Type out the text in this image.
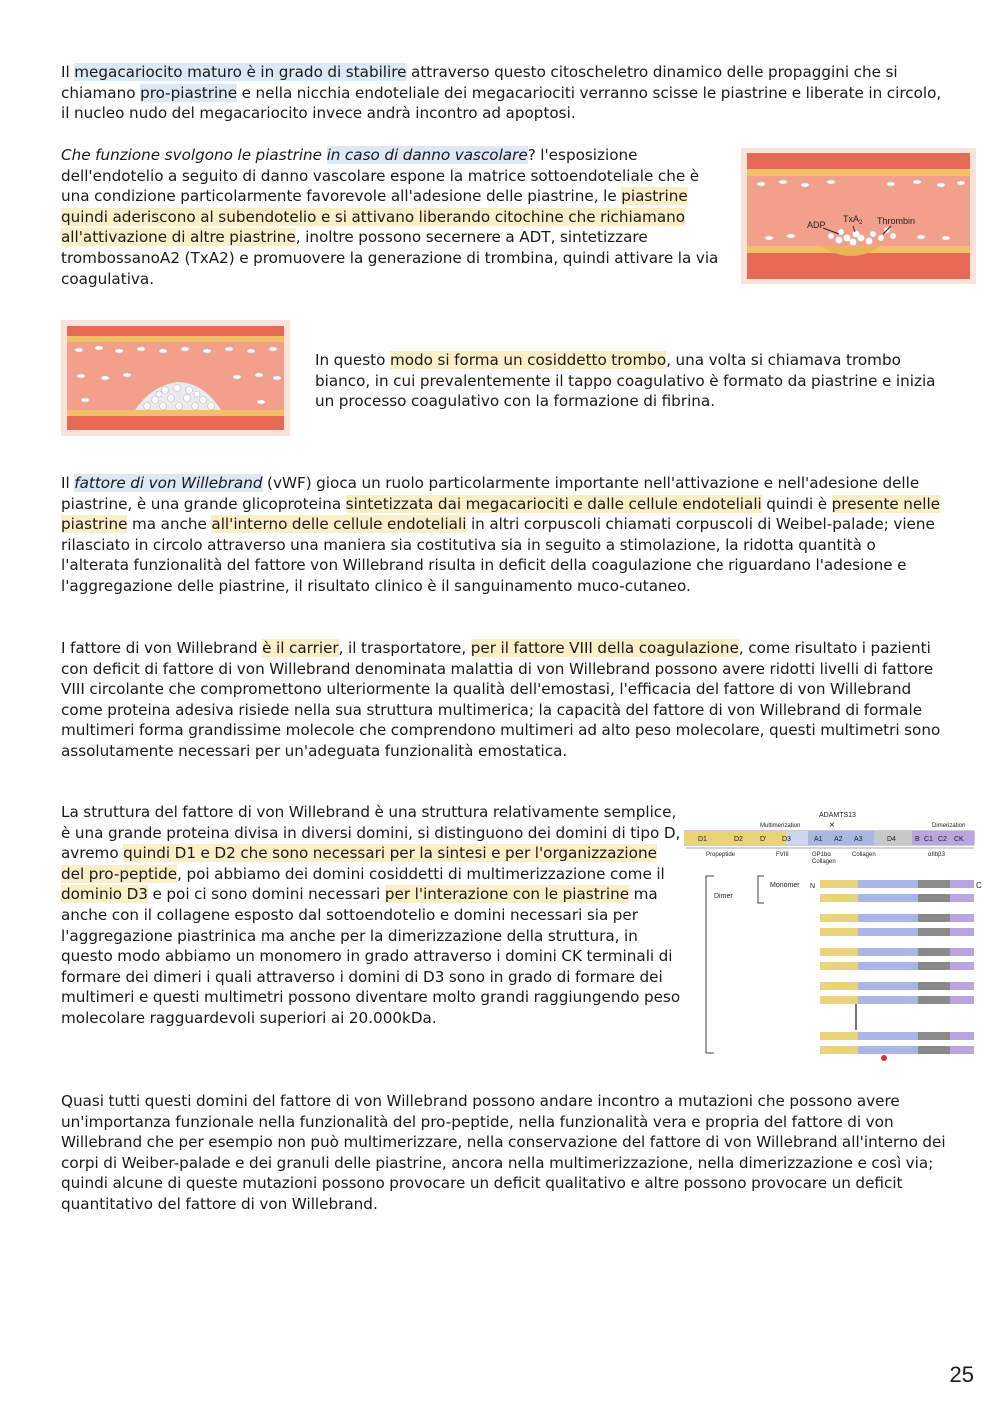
Il megacariocito maturo è in grado di stabilire attraverso questo citoscheletro dinamico delle propaggini che si chiamano pro-piastrine e nella nicchia endoteliale dei megacariociti verranno scisse le piastrine e liberate in circolo, il nucleo nudo del megacariocito invece andrà incontro ad apoptosi.
Che funzione svolgono le piastrine in caso di danno vascolare? l'esposizione dell'endotelio a seguito di danno vascolare espone la matrice sottoendoteliale che è una condizione particolarmente favorevole all'adesione delle piastrine, le piastrine quindi aderiscono al subendotelio e si attivano liberando citochine che richiamano all'attivazione di altre piastrine, inoltre possono secernere a ADT, sintetizzare trombossanoA2 (TxA2) e promuovere la generazione di trombina, quindi attivare la via coagulativa.
ADP
TxA$_2$ Thrombin
In questo modo si forma un cosiddetto trombo, una volta si chiamava trombo bianco, in cui prevalentemente il tappo coagulativo è formato da piastrine e inizia un processo coagulativo con la formazione di fibrina.
Il fattore di von Willebrand (vWF) gioca un ruolo particolarmente importante nell'attivazione e nell'adesione delle piastrine, è una grande glicoproteina sintetizzata dai megacariociti e dalle cellule endoteliali quindi è presente nelle piastrine ma anche all'interno delle cellule endoteliali in altri corpuscoli chiamati corpuscoli di Weibel-palade; viene rilasciato in circolo attraverso una maniera sia costitutiva sia in seguito a stimolazione, la ridotta quantità o l'alterata funzionalità del fattore von Willebrand risulta in deficit della coagulazione che riguardano l'adesione e l'aggregazione delle piastrine, il risultato clinico è il sanguinamento muco-cutaneo.
I fattore di von Willebrand è il carrier, il trasportatore, per il fattore VIII della coagulazione, come risultato i pazienti con deficit di fattore di von Willebrand denominata malattia di von Willebrand possono avere ridotti livelli di fattore VIII circolante che compromettono ulteriormente la qualità dell'emostasi, l'efficacia del fattore di von Willebrand come proteina adesiva risiede nella sua struttura multimerica; la capacità del fattore di von Willebrand di formale multimeri forma grandissime molecole che comprendono multimeri ad alto peso molecolare, questi multimetri sono assolutamente necessari per un'adeguata funzionalità emostatica.
La struttura del fattore di von Willebrand è una struttura relativamente semplice, è una grande proteina divisa in diversi domini, si distinguono dei domini di tipo D, avremo quindi D1 e D2 che sono necessari per la sintesi e per l'organizzazione del pro-peptide, poi abbiamo dei domini cosiddetti di multimerizzazione come il dominio D3 e poi ci sono domini necessari per l'interazione con le piastrine ma anche con il collagene esposto dal sottoendotelio e domini necessari sia per l'aggregazione piastrinica ma anche per la dimerizzazione della struttura, in questo modo abbiamo un monomero in grado attraverso i domini CK terminali di formare dei dimeri i quali attraverso i domini di D3 sono in grado di formare dei multimeri e questi multimetri possono diventare molto grandi raggiungendo peso molecolare ragguardevoli superiori ai 20.000kDa.
ADAMTS13
Multimerization	Dimerization
×
D1	D2 D' D3	A1 A2 A3	D4	B C1 C2 CK
Propeptide	FVIII	GP1bα
Collagen
Collagen	αIIbβ3
Dimer
Monomer N	C
Quasi tutti questi domini del fattore di von Willebrand possono andare incontro a mutazioni che possono avere un'importanza funzionale nella funzionalità del pro-peptide, nella funzionalità vera e propria del fattore di von Willebrand che per esempio non può multimerizzare, nella conservazione del fattore di von Willebrand all'interno dei corpi di Weiber-palade e dei granuli delle piastrine, ancora nella multimerizzazione, nella dimerizzazione e così via; quindi alcune di queste mutazioni possono provocare un deficit qualitativo e altre possono provocare un deficit quantitativo del fattore di von Willebrand.
25
